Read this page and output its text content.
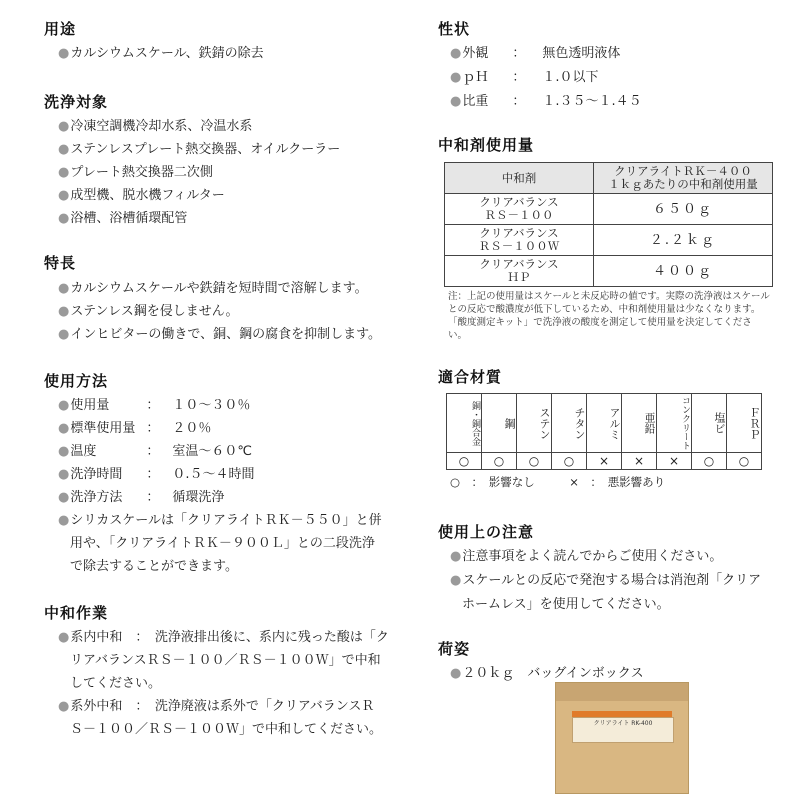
用途
●カルシウムスケール、鉄錆の除去
洗浄対象
●冷凍空調機冷却水系、冷温水系
●ステンレスプレート熱交換器、オイルクーラー
●プレート熱交換器二次側
●成型機、脱水機フィルター
●浴槽、浴槽循環配管
特長
●カルシウムスケールや鉄錆を短時間で溶解します。
●ステンレス鋼を侵しません。
●インヒビターの働きで、銅、鋼の腐食を抑制します。
使用方法
●使用量	： １０～３０％
●標準使用量 ： ２０％
●温度	： 室温～６０℃
●洗浄時間 ： ０.５～４時間
●洗浄方法 ： 循環洗浄
●シリカスケールは「クリアライトＲＫ－５５０」と併
用や、「クリアライトＲＫ－９００Ｌ」との二段洗浄
で除去することができます。
中和作業
●系内中和　：　洗浄液排出後に、系内に残った酸は「ク
リアバランスＲＳ－１００／ＲＳ－１００Ｗ」で中和
してください。
●系外中和　：　洗浄廃液は系外で「クリアバランスＲ
Ｓ－１００／ＲＳ－１００Ｗ」で中和してください。
性状
●外観 ： 無色透明液体
●ｐＨ ： １.０以下
●比重 ： １.３５～１.４５
中和剤使用量
中和剤	クリアライトＲＫ－４００
１ｋｇあたりの中和剤使用量

クリアバランス
ＲＳ－１００	６５０ｇ

クリアバランス
ＲＳ－１００Ｗ	２.２ｋｇ

クリアバランス
ＨＰ	４００ｇ
注：上記の使用量はスケールと未反応時の値です。実際の洗浄液はスケールとの反応で酸濃度が低下しているため、中和剤使用量は少なくなります。「酸度測定キット」で洗浄液の酸度を測定して使用量を決定してください。
適合材質
銅・銅合金	鋼	ステン	チタン	アルミ	亜鉛	コンクリート	塩ビ	ＦＲＰ

○	○	○	○	×	×	×	○	○
○　：　影響なし　　　	×　：　悪影響あり
使用上の注意
●注意事項をよく読んでからご使用ください。
●スケールとの反応で発泡する場合は消泡剤「クリア
ホームレス」を使用してください。
荷姿
●２０ｋｇ　バッグインボックス
クリアライト RK-400
